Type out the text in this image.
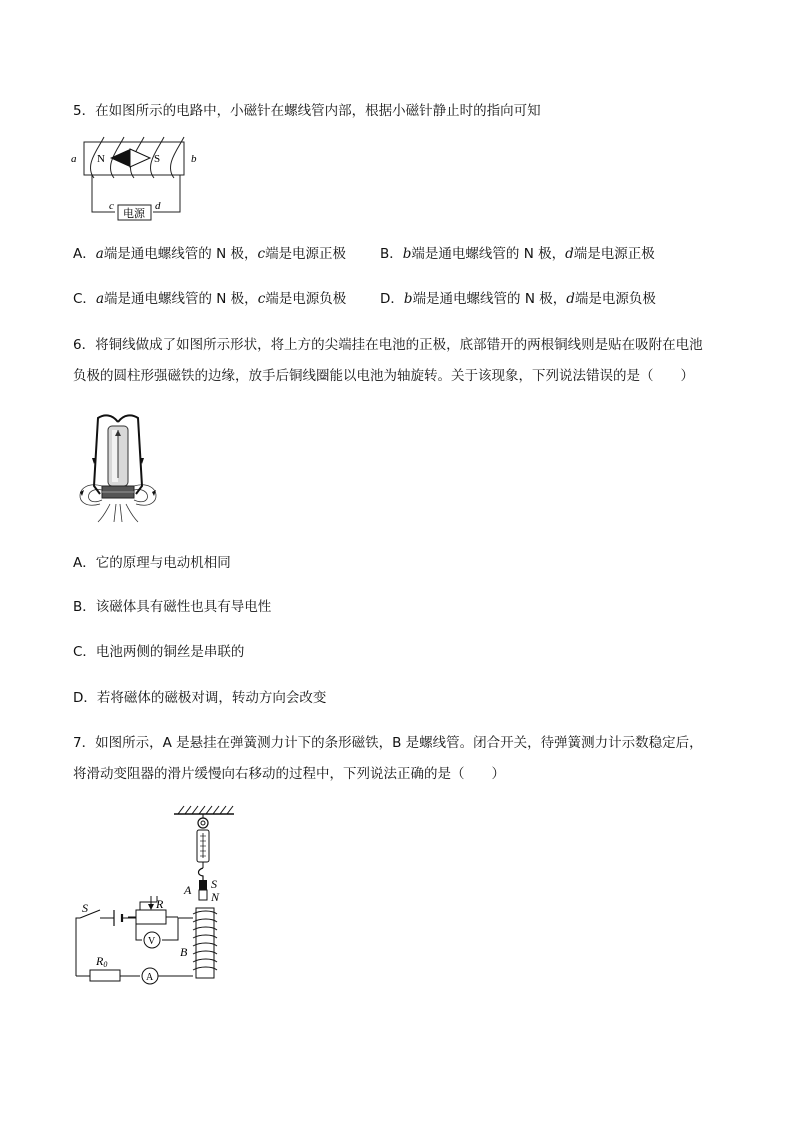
5．在如图所示的电路中，小磁针在螺线管内部，根据小磁针静止时的指向可知
a	b
N	S
c	d
电源
A．a端是通电螺线管的 N 极，c端是电源正极	B．b端是通电螺线管的 N 极，d端是电源正极
C．a端是通电螺线管的 N 极，c端是电源负极	D．b端是通电螺线管的 N 极，d端是电源负极
6．将铜线做成了如图所示形状，将上方的尖端挂在电池的正极，底部错开的两根铜线则是贴在吸附在电池
负极的圆柱形强磁铁的边缘，放手后铜线圈能以电池为轴旋转。关于该现象，下列说法错误的是（　　）
A．它的原理与电动机相同
B．该磁体具有磁性也具有导电性
C．电池两侧的铜丝是串联的
D．若将磁体的磁极对调，转动方向会改变
7．如图所示，A 是悬挂在弹簧测力计下的条形磁铁，B 是螺线管。闭合开关，待弹簧测力计示数稳定后，
将滑动变阻器的滑片缓慢向右移动的过程中，下列说法正确的是（　　）
A S
N
S	R
V
B
R0
A
